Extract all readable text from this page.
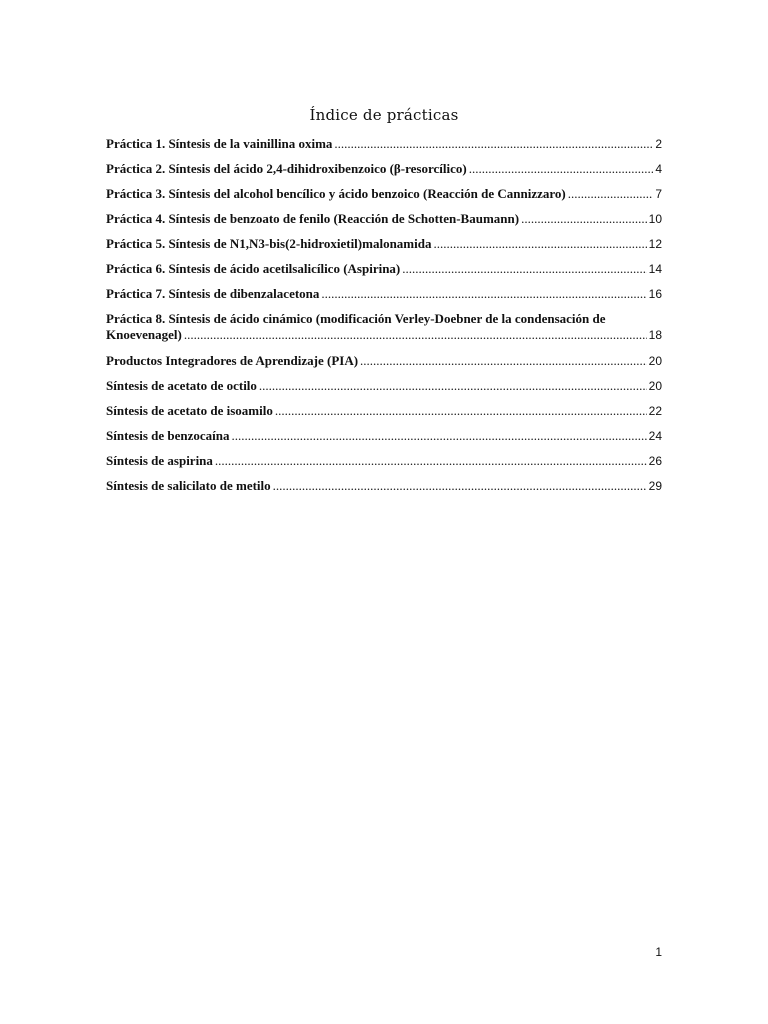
Índice de prácticas
Práctica 1. Síntesis de la vainillina oxima .....	2
Práctica 2. Síntesis del ácido 2,4-dihidroxibenzoico (β-resorcílico) .....	4
Práctica 3. Síntesis del alcohol bencílico y ácido benzoico (Reacción de Cannizzaro) .....	7
Práctica 4. Síntesis de benzoato de fenilo (Reacción de Schotten-Baumann) .....	10
Práctica 5. Síntesis de N1,N3-bis(2-hidroxietil)malonamida .....	12
Práctica 6. Síntesis de ácido acetilsalicílico (Aspirina) .....	14
Práctica 7. Síntesis de dibenzalacetona .....	16
Práctica 8. Síntesis de ácido cinámico (modificación Verley-Doebner de la condensación de
Knoevenagel) .....	18
Productos Integradores de Aprendizaje (PIA) .....	20
Síntesis de acetato de octilo .....	20
Síntesis de acetato de isoamilo .....	22
Síntesis de benzocaína .....	24
Síntesis de aspirina .....	26
Síntesis de salicilato de metilo .....	29
1
